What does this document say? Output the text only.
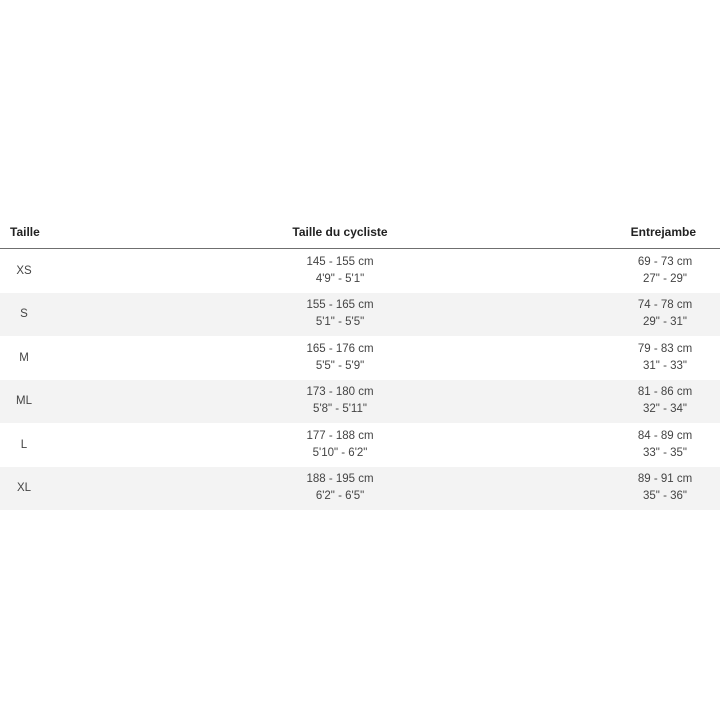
Taille	Taille du cycliste	Entrejambe
XS
145 - 155 cm
4'9" - 5'1"
69 - 73 cm
27" - 29"
S
155 - 165 cm
5'1" - 5'5"
74 - 78 cm
29" - 31"
M
165 - 176 cm
5'5" - 5'9"
79 - 83 cm
31" - 33"
ML
173 - 180 cm
5'8" - 5'11"
81 - 86 cm
32" - 34"
L
177 - 188 cm
5'10" - 6'2"
84 - 89 cm
33" - 35"
XL
188 - 195 cm
6'2" - 6'5"
89 - 91 cm
35" - 36"
